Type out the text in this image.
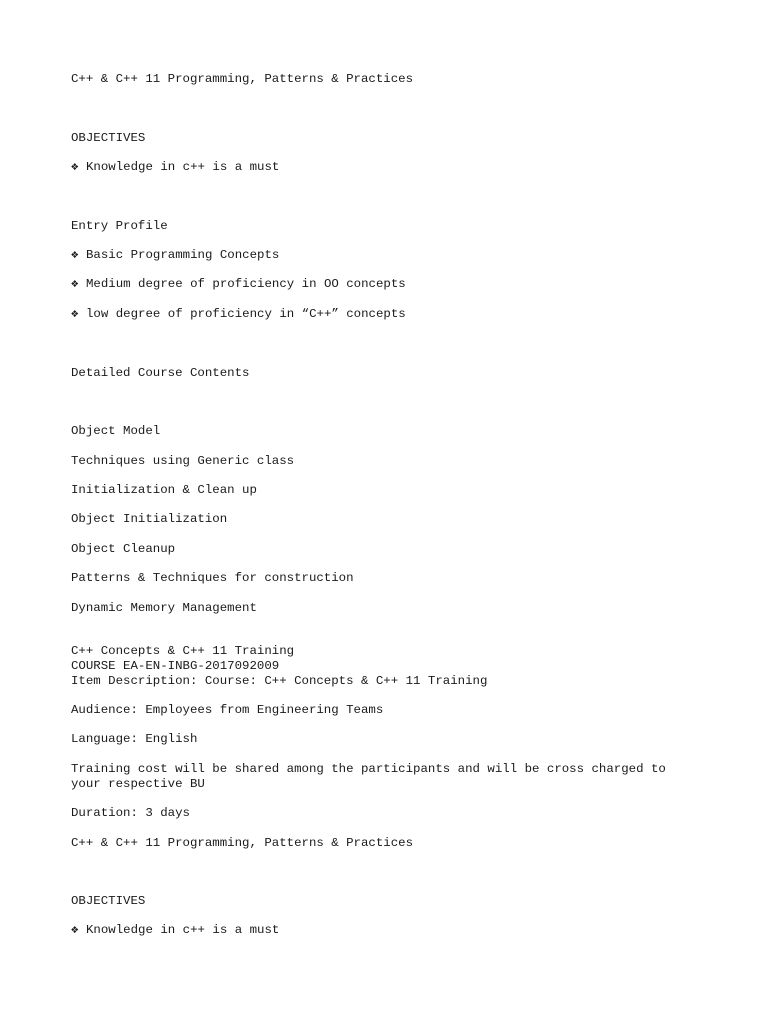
C++ & C++ 11 Programming, Patterns & Practices
OBJECTIVES
❖ Knowledge in c++ is a must
Entry Profile
❖ Basic Programming Concepts
❖ Medium degree of proficiency in OO concepts
❖ low degree of proficiency in “C++” concepts
Detailed Course Contents
Object Model
Techniques using Generic class
Initialization & Clean up
Object Initialization
Object Cleanup
Patterns & Techniques for construction
Dynamic Memory Management
C++ Concepts & C++ 11 Training
COURSE EA-EN-INBG-2017092009
Item Description: Course: C++ Concepts & C++ 11 Training
Audience: Employees from Engineering Teams
Language: English
Training cost will be shared among the participants and will be cross charged to your respective BU
Duration: 3 days
C++ & C++ 11 Programming, Patterns & Practices
OBJECTIVES
❖ Knowledge in c++ is a must
